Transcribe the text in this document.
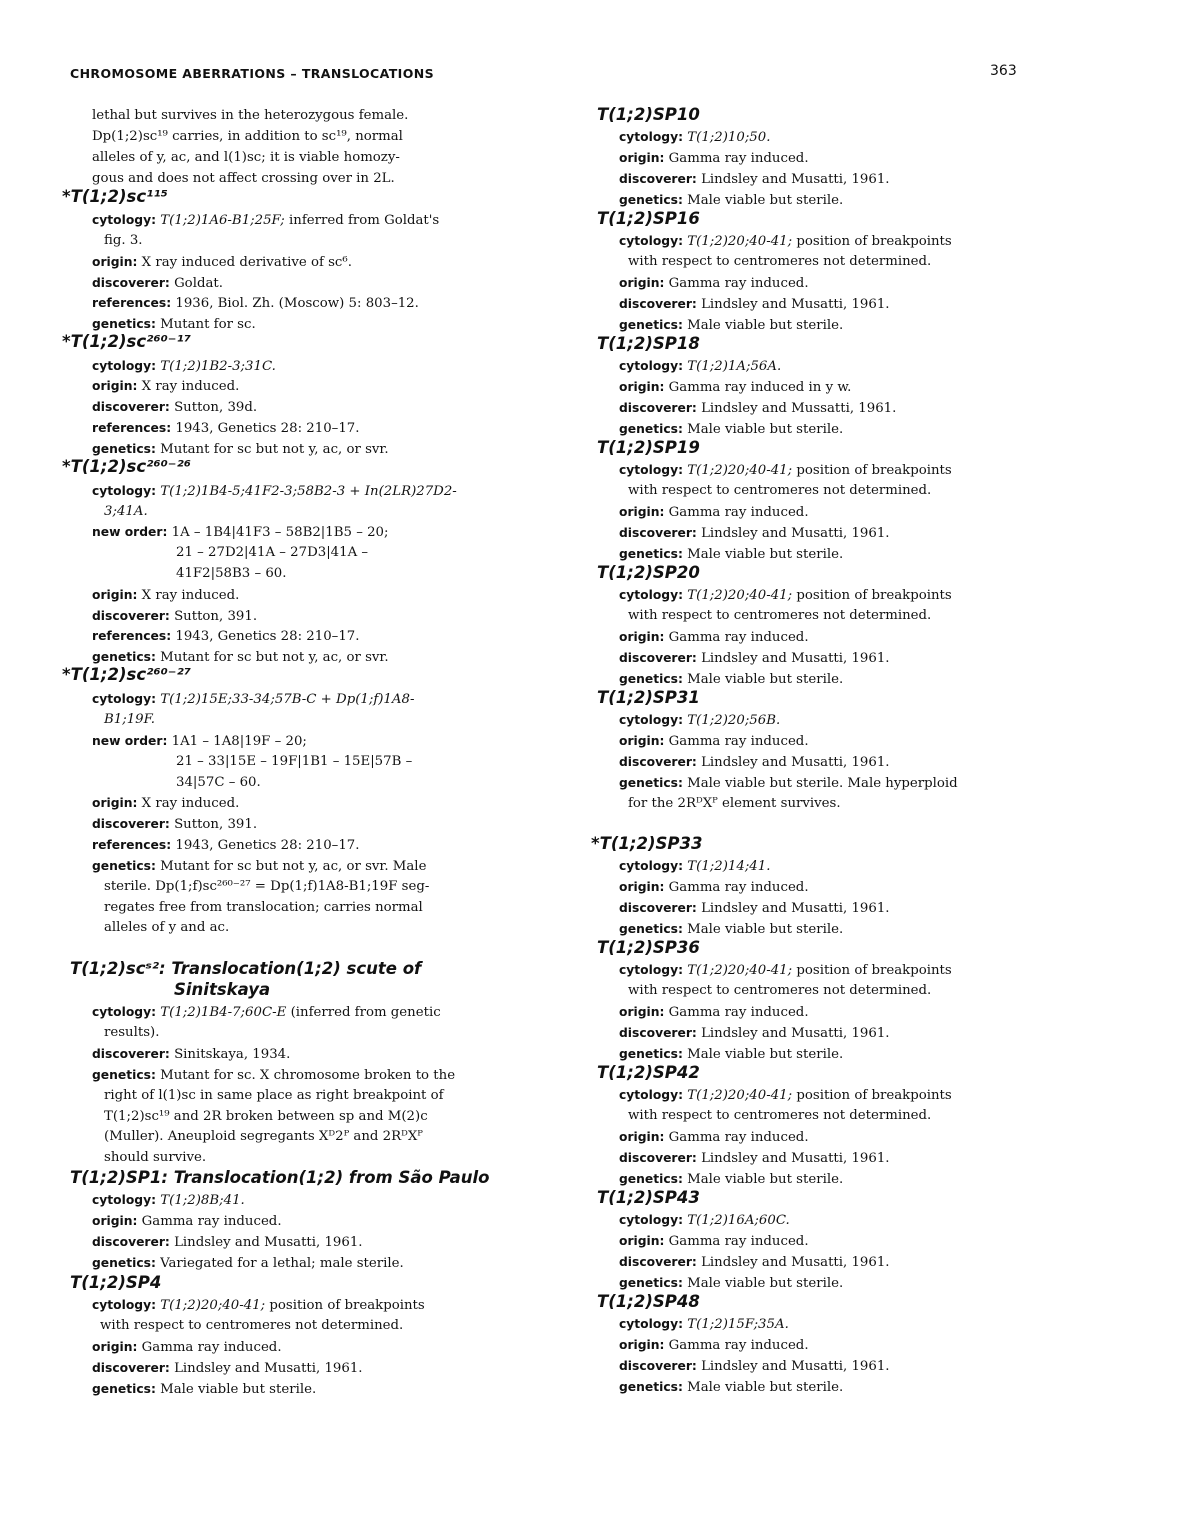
CHROMOSOME ABERRATIONS – TRANSLOCATIONS	363
lethal but survives in the heterozygous female.
Dp(1;2)sc¹⁹ carries, in addition to sc¹⁹, normal
alleles of y, ac, and l(1)sc; it is viable homozy-
gous and does not affect crossing over in 2L.
*T(1;2)sc¹¹⁵
cytology: T(1;2)1A6-B1;25F; inferred from Goldat's
fig. 3.
origin: X ray induced derivative of sc⁶.
discoverer: Goldat.
references: 1936, Biol. Zh. (Moscow) 5: 803–12.
genetics: Mutant for sc.
*T(1;2)sc²⁶⁰⁻¹⁷
cytology: T(1;2)1B2-3;31C.
origin: X ray induced.
discoverer: Sutton, 39d.
references: 1943, Genetics 28: 210–17.
genetics: Mutant for sc but not y, ac, or svr.
*T(1;2)sc²⁶⁰⁻²⁶
cytology: T(1;2)1B4-5;41F2-3;58B2-3 + In(2LR)27D2-
3;41A.
new order: 1A – 1B4|41F3 – 58B2|1B5 – 20;
21 – 27D2|41A – 27D3|41A –
41F2|58B3 – 60.
origin: X ray induced.
discoverer: Sutton, 391.
references: 1943, Genetics 28: 210–17.
genetics: Mutant for sc but not y, ac, or svr.
*T(1;2)sc²⁶⁰⁻²⁷
cytology: T(1;2)15E;33-34;57B-C + Dp(1;f)1A8-
B1;19F.
new order: 1A1 – 1A8|19F – 20;
21 – 33|15E – 19F|1B1 – 15E|57B –
34|57C – 60.
origin: X ray induced.
discoverer: Sutton, 391.
references: 1943, Genetics 28: 210–17.
genetics: Mutant for sc but not y, ac, or svr. Male
sterile. Dp(1;f)sc²⁶⁰⁻²⁷ = Dp(1;f)1A8-B1;19F seg-
regates free from translocation; carries normal
alleles of y and ac.
T(1;2)scˢ²: Translocation(1;2) scute of
Sinitskaya
cytology: T(1;2)1B4-7;60C-E (inferred from genetic
results).
discoverer: Sinitskaya, 1934.
genetics: Mutant for sc. X chromosome broken to the
right of l(1)sc in same place as right breakpoint of
T(1;2)sc¹⁹ and 2R broken between sp and M(2)c
(Muller). Aneuploid segregants Xᴰ2ᴾ and 2RᴰXᴾ
should survive.
T(1;2)SP1: Translocation(1;2) from São Paulo
cytology: T(1;2)8B;41.
origin: Gamma ray induced.
discoverer: Lindsley and Musatti, 1961.
genetics: Variegated for a lethal; male sterile.
T(1;2)SP4
cytology: T(1;2)20;40-41; position of breakpoints
with respect to centromeres not determined.
origin: Gamma ray induced.
discoverer: Lindsley and Musatti, 1961.
genetics: Male viable but sterile.
T(1;2)SP10
cytology: T(1;2)10;50.
origin: Gamma ray induced.
discoverer: Lindsley and Musatti, 1961.
genetics: Male viable but sterile.
T(1;2)SP16
cytology: T(1;2)20;40-41; position of breakpoints
with respect to centromeres not determined.
origin: Gamma ray induced.
discoverer: Lindsley and Musatti, 1961.
genetics: Male viable but sterile.
T(1;2)SP18
cytology: T(1;2)1A;56A.
origin: Gamma ray induced in y w.
discoverer: Lindsley and Mussatti, 1961.
genetics: Male viable but sterile.
T(1;2)SP19
cytology: T(1;2)20;40-41; position of breakpoints
with respect to centromeres not determined.
origin: Gamma ray induced.
discoverer: Lindsley and Musatti, 1961.
genetics: Male viable but sterile.
T(1;2)SP20
cytology: T(1;2)20;40-41; position of breakpoints
with respect to centromeres not determined.
origin: Gamma ray induced.
discoverer: Lindsley and Musatti, 1961.
genetics: Male viable but sterile.
T(1;2)SP31
cytology: T(1;2)20;56B.
origin: Gamma ray induced.
discoverer: Lindsley and Musatti, 1961.
genetics: Male viable but sterile. Male hyperploid
for the 2RᴰXᴾ element survives.
*T(1;2)SP33
cytology: T(1;2)14;41.
origin: Gamma ray induced.
discoverer: Lindsley and Musatti, 1961.
genetics: Male viable but sterile.
T(1;2)SP36
cytology: T(1;2)20;40-41; position of breakpoints
with respect to centromeres not determined.
origin: Gamma ray induced.
discoverer: Lindsley and Musatti, 1961.
genetics: Male viable but sterile.
T(1;2)SP42
cytology: T(1;2)20;40-41; position of breakpoints
with respect to centromeres not determined.
origin: Gamma ray induced.
discoverer: Lindsley and Musatti, 1961.
genetics: Male viable but sterile.
T(1;2)SP43
cytology: T(1;2)16A;60C.
origin: Gamma ray induced.
discoverer: Lindsley and Musatti, 1961.
genetics: Male viable but sterile.
T(1;2)SP48
cytology: T(1;2)15F;35A.
origin: Gamma ray induced.
discoverer: Lindsley and Musatti, 1961.
genetics: Male viable but sterile.
